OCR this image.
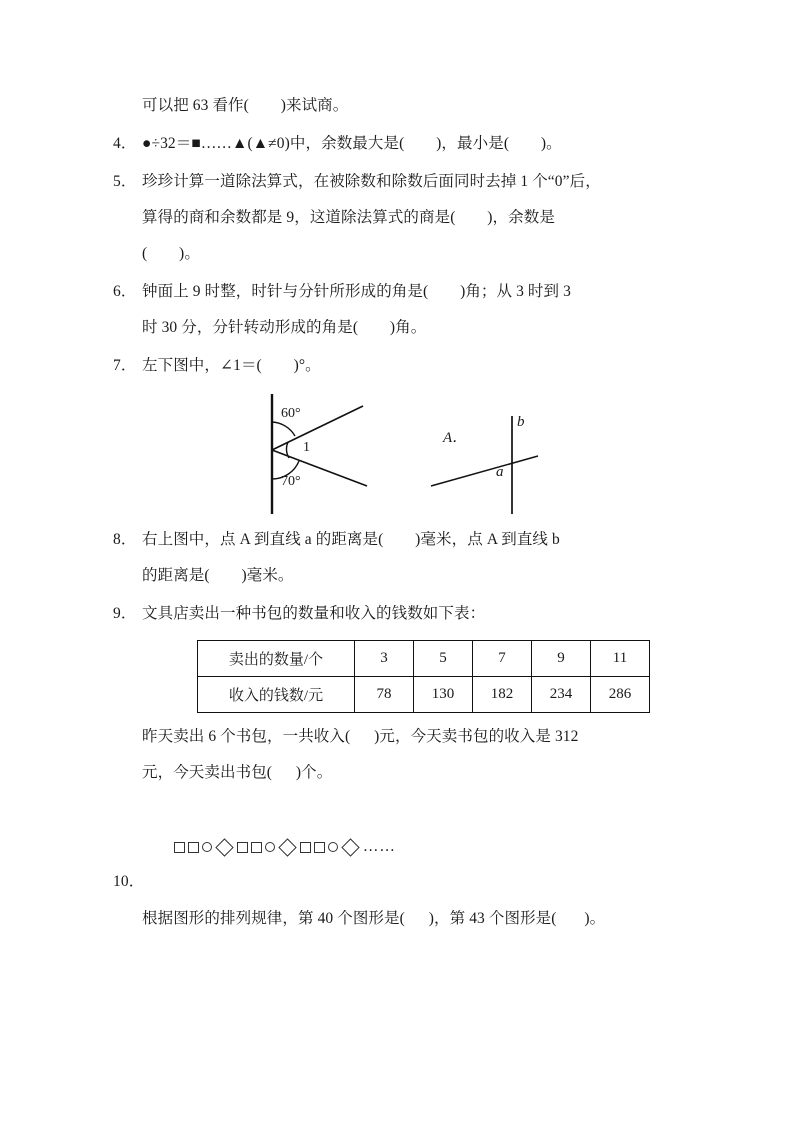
可以把 63 看作(        )来试商。
4． ●÷32＝■……▲(▲≠0)中，余数最大是(        )，最小是(        )。
5． 珍珍计算一道除法算式，在被除数和除数后面同时去掉 1 个“0”后，
算得的商和余数都是 9，这道除法算式的商是(        )，余数是
(        )。
6． 钟面上 9 时整，时针与分针所形成的角是(        )角；从 3 时到 3
时 30 分，分针转动形成的角是(        )角。
7． 左下图中，∠1＝(        )°。
60°
1
70°
A．
a
b
8． 右上图中，点 A 到直线 a 的距离是(        )毫米，点 A 到直线 b
的距离是(        )毫米。
9． 文具店卖出一种书包的数量和收入的钱数如下表：
卖出的数量/个	3	5	7	9	11
收入的钱数/元	78	130	182	234	286
昨天卖出 6 个书包，一共收入(      )元，今天卖书包的收入是 312
元，今天卖出书包(      )个。
10．
……

根据图形的排列规律，第 40 个图形是(      )，第 43 个图形是(       )。
